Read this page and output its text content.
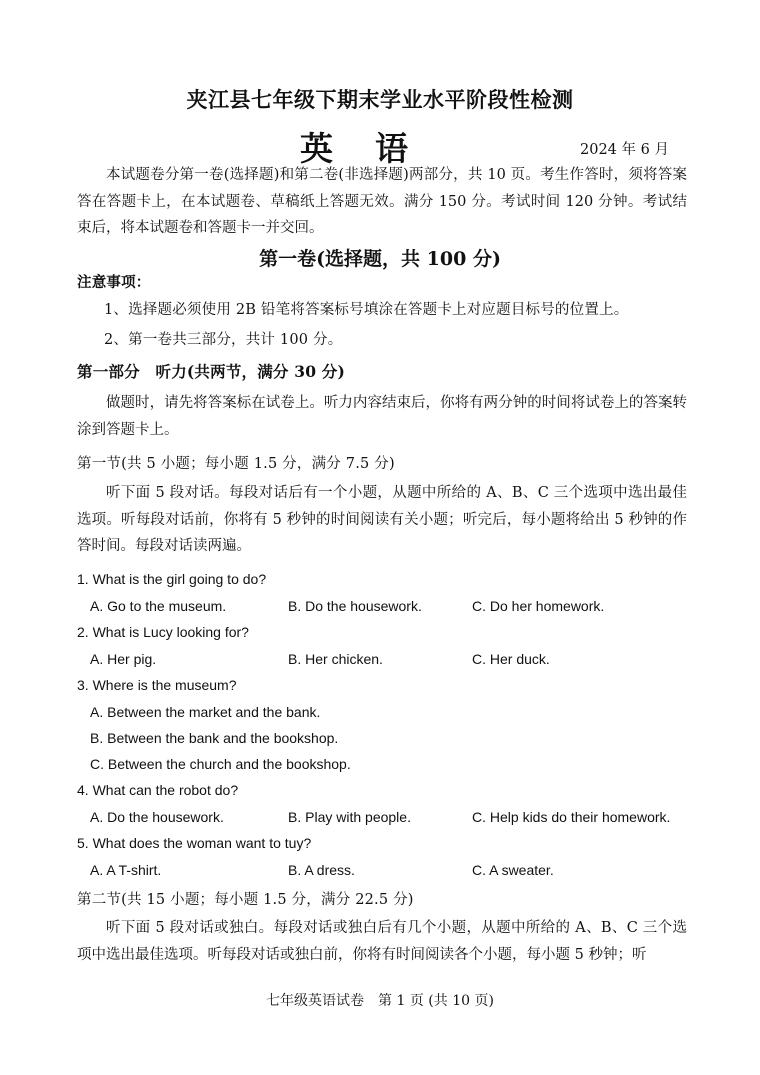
夹江县七年级下期末学业水平阶段性检测
英语	2024 年 6 月
本试题卷分第一卷(选择题)和第二卷(非选择题)两部分，共 10 页。考生作答时，须将答案答在答题卡上，在本试题卷、草稿纸上答题无效。满分 150 分。考试时间 120 分钟。考试结束后，将本试题卷和答题卡一并交回。
第一卷(选择题，共 100 分)
注意事项：
1、选择题必须使用 2B 铅笔将答案标号填涂在答题卡上对应题目标号的位置上。
2、第一卷共三部分，共计 100 分。
第一部分　听力(共两节，满分 30 分)
做题时，请先将答案标在试卷上。听力内容结束后，你将有两分钟的时间将试卷上的答案转涂到答题卡上。
第一节(共 5 小题；每小题 1.5 分，满分 7.5 分)
听下面 5 段对话。每段对话后有一个小题，从题中所给的 A、B、C 三个选项中选出最佳选项。听每段对话前，你将有 5 秒钟的时间阅读有关小题；听完后，每小题将给出 5 秒钟的作答时间。每段对话读两遍。
1. What is the girl going to do?
A. Go to the museum.	B. Do the housework.	C. Do her homework.
2. What is Lucy looking for?
A. Her pig.	B. Her chicken.	C. Her duck.
3. Where is the museum?
A. Between the market and the bank.
B. Between the bank and the bookshop.
C. Between the church and the bookshop.
4. What can the robot do?
A. Do the housework.	B. Play with people.	C. Help kids do their homework.
5. What does the woman want to tuy?
A. A T-shirt.	B. A dress.	C. A sweater.
第二节(共 15 小题；每小题 1.5 分，满分 22.5 分)
听下面 5 段对话或独白。每段对话或独白后有几个小题，从题中所给的 A、B、C 三个选项中选出最佳选项。听每段对话或独白前，你将有时间阅读各个小题，每小题 5 秒钟；听
七年级英语试卷　第 1 页 (共 10 页)
